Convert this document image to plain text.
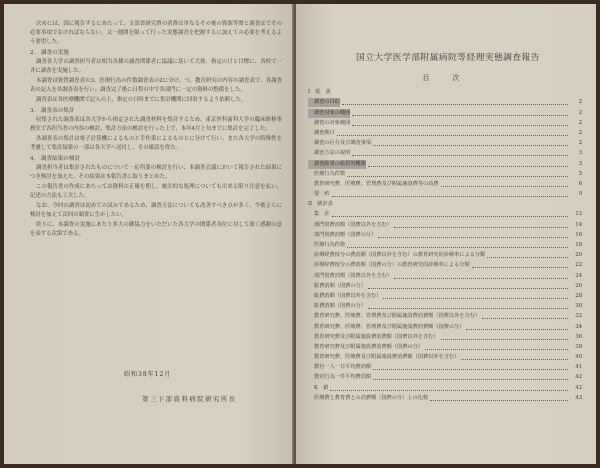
次めには、国に報告するにあたって、文部省研究費の消費は単なるその後の資源等関と調査はでその必要事項でなければならない。又一週間を限って行った実態調査を把握するに加えての必要を考えるよう要望した。

2.　調査の実施

調査各大学の調査担当者は相当各種の調査関係者に協議に基いて大体、指定の日と目標に、各校で一斉に調査を実施した。

本調査は資質調査表の3、医療行為の件数調査表の2に分け、つ、教育研究の内容の調査表で、各調査表の記入を各調査表を行い、調査完了後に日程の中で各部門に一定の資料の整備をした。

調査表は各医療機関で記入の上、指定の日時までに集計機関に回収するよう依頼した。

3.　調査表の集計

収集された調査表は各大学から指定された調査材料を集計するため、東京医科歯科大学の臨床研修事務室で各担当者の内容の検討、集計方法の検討を行った上で、本年4月上旬までに集計を完了した。

各調査表の集計は電子計算機によるものと手作業によるものとに分けて行い、また各大学の特殊性を考慮して集計結果の一部は各大学へ送付し、その確認を得た。

4.　調査結果の検討

調査担当者は集計されたものについて一応所要の検討を行い、本調査会議において報告された結果につき検討を加えた。その結果は本報告書に取りまとめた。

この報告書の作成にあたっては資料の正確を期し、統計的な処理についても出来る限り注意を払い、記述の方法も工夫した。

なお、今回の調査は初めての試みであるため、調査方法についても改善すべき点が多く、今後さらに検討を加えて次回の調査に生かしたい。

終りに、本調査の実施にあたり多大の御協力をいただいた各大学の関係者各位に対して深く感謝の意を表する次第である。

昭和38年12月
第三下部資料病院研究所長
国立大学医学部附属病院等経理実態調査報告
目　次
I　総　説
調査の目的	2
調査対象の範囲	2
調査の対象範囲	2
調査期日	2
調査の区分及び調査事項	2
調査方法の説明	3
調査結果の総括的概観	3
医療行為件数	5
教育研究費、医療費、管理費及び附属施設費等の消費	6
要　約	9
II　統計表
集　計	12
部門別費消額（国費以外を含む）	14
部門別費消額（国費の分）	16
医療行為件数	18
診療経費按分の費消額（国費以外を含む）の教育研究的診療率による分類	20
診療経費按分の費消額（国費の分）の教育研究的診療率による分類	22
部門別費消額（国費以外を含む）	24
総費消額（国費の分）	26
総費消額（国費以外を含む）	28
総費消額（国費の分）	30
教育研究費、医療費、管理費及び附属施設費消費額（国費以外を含む）	32
教育研究費、医療費、管理費及び附属施設費消費額（国費の分）	34
教育研究費及び附属施設費消費額（国費以外を含む）	36
教育研究費及び附属施設費消費額（国費の分）	38
教育研究費、医療費及び附属施設費消費額（国費以外を含む）	40
教官一人一日平均費消額	41
教官行為一件平均費消額	42
K　値	42
医療費と教育費との消費額（国費の分）上の比較	43
